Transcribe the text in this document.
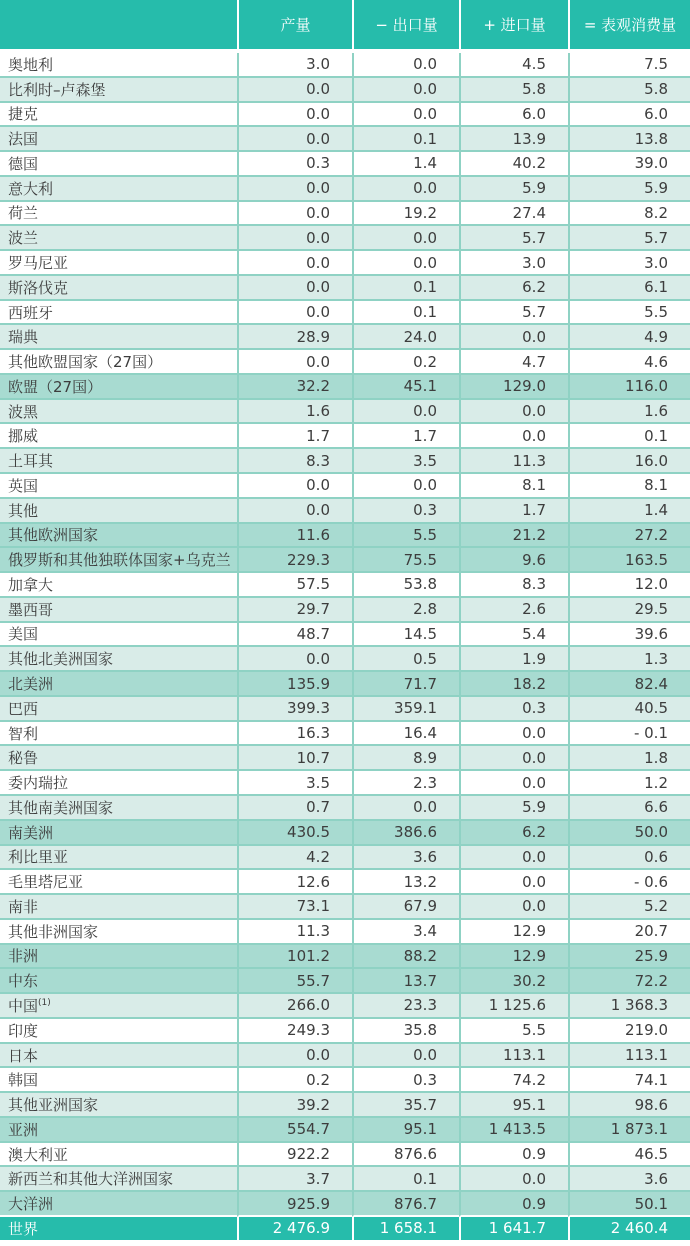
	产量	− 出口量	+ 进口量	= 表观消费量
奥地利	3.0	0.0	4.5	7.5
比利时–卢森堡	0.0	0.0	5.8	5.8
捷克	0.0	0.0	6.0	6.0
法国	0.0	0.1	13.9	13.8
德国	0.3	1.4	40.2	39.0
意大利	0.0	0.0	5.9	5.9
荷兰	0.0	19.2	27.4	8.2
波兰	0.0	0.0	5.7	5.7
罗马尼亚	0.0	0.0	3.0	3.0
斯洛伐克	0.0	0.1	6.2	6.1
西班牙	0.0	0.1	5.7	5.5
瑞典	28.9	24.0	0.0	4.9
其他欧盟国家（27国）	0.0	0.2	4.7	4.6
欧盟（27国）	32.2	45.1	129.0	116.0
波黑	1.6	0.0	0.0	1.6
挪威	1.7	1.7	0.0	0.1
土耳其	8.3	3.5	11.3	16.0
英国	0.0	0.0	8.1	8.1
其他	0.0	0.3	1.7	1.4
其他欧洲国家	11.6	5.5	21.2	27.2
俄罗斯和其他独联体国家+乌克兰	229.3	75.5	9.6	163.5
加拿大	57.5	53.8	8.3	12.0
墨西哥	29.7	2.8	2.6	29.5
美国	48.7	14.5	5.4	39.6
其他北美洲国家	0.0	0.5	1.9	1.3
北美洲	135.9	71.7	18.2	82.4
巴西	399.3	359.1	0.3	40.5
智利	16.3	16.4	0.0	- 0.1
秘鲁	10.7	8.9	0.0	1.8
委内瑞拉	3.5	2.3	0.0	1.2
其他南美洲国家	0.7	0.0	5.9	6.6
南美洲	430.5	386.6	6.2	50.0
利比里亚	4.2	3.6	0.0	0.6
毛里塔尼亚	12.6	13.2	0.0	- 0.6
南非	73.1	67.9	0.0	5.2
其他非洲国家	11.3	3.4	12.9	20.7
非洲	101.2	88.2	12.9	25.9
中东	55.7	13.7	30.2	72.2
中国$^{(1)}$	266.0	23.3	1 125.6	1 368.3
印度	249.3	35.8	5.5	219.0
日本	0.0	0.0	113.1	113.1
韩国	0.2	0.3	74.2	74.1
其他亚洲国家	39.2	35.7	95.1	98.6
亚洲	554.7	95.1	1 413.5	1 873.1
澳大利亚	922.2	876.6	0.9	46.5
新西兰和其他大洋洲国家	3.7	0.1	0.0	3.6
大洋洲	925.9	876.7	0.9	50.1
世界	2 476.9	1 658.1	1 641.7	2 460.4
